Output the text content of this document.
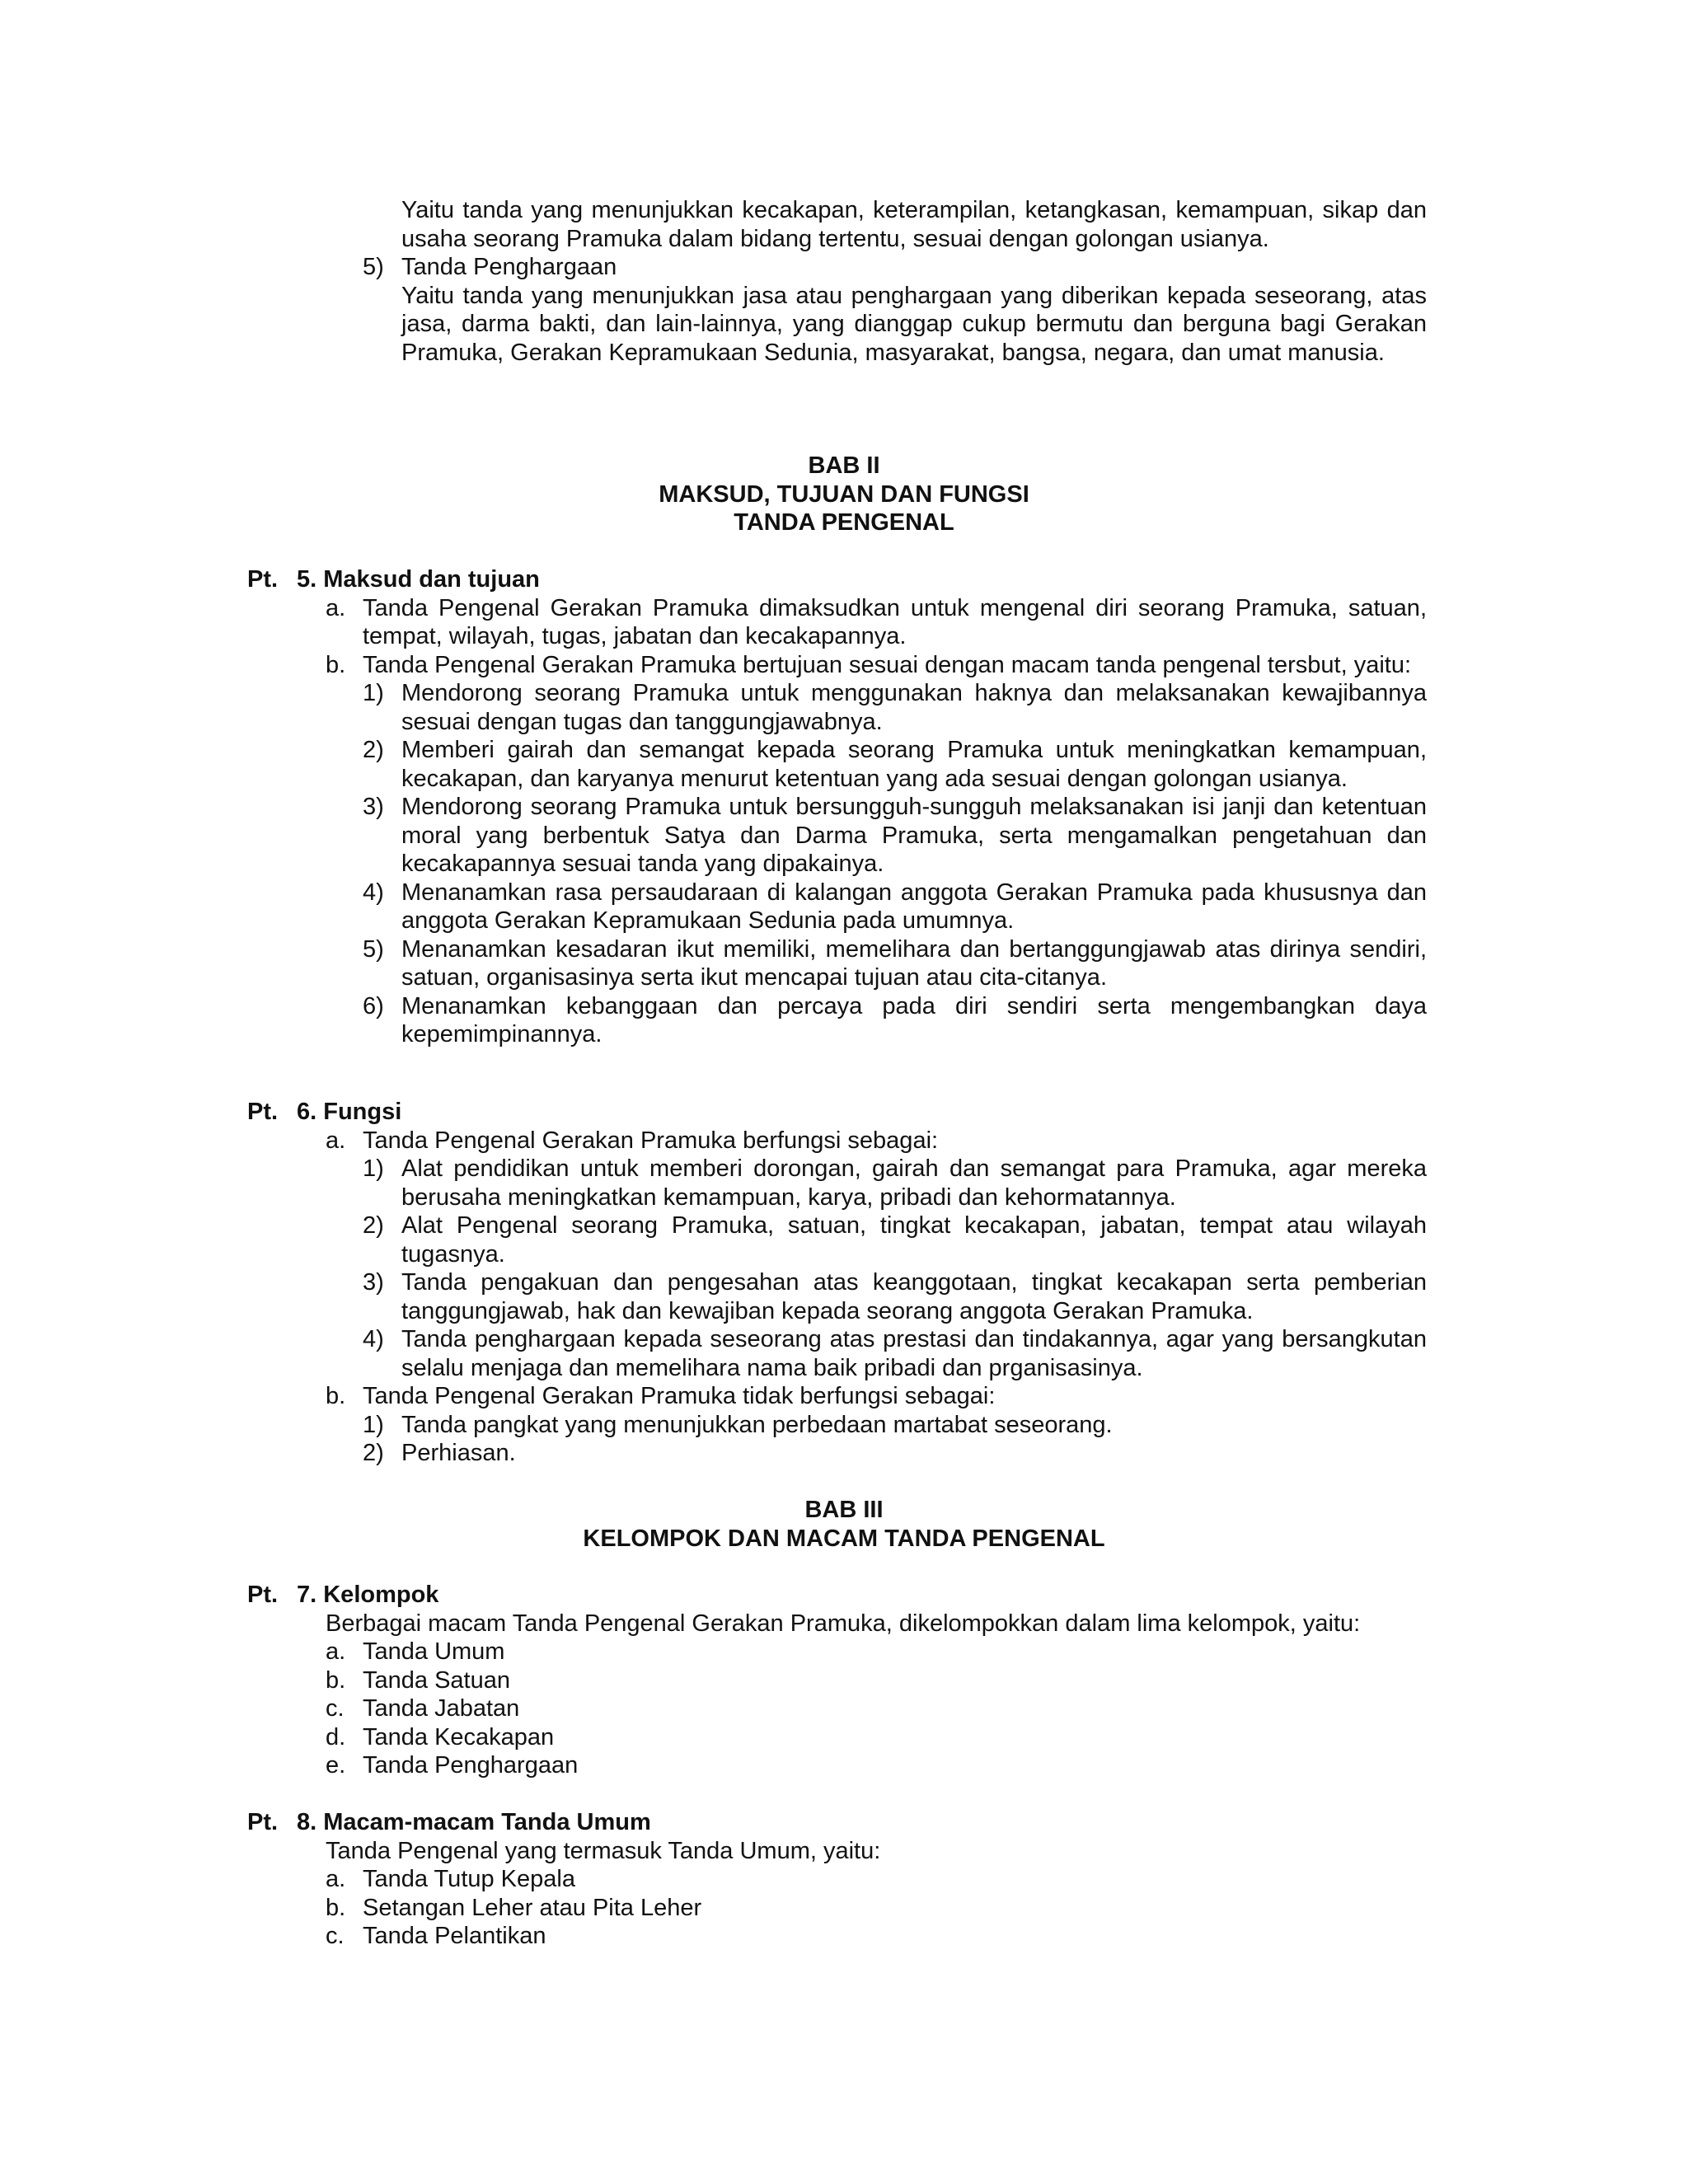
Yaitu tanda yang menunjukkan kecakapan, keterampilan, ketangkasan, kemampuan, sikap dan usaha seorang Pramuka dalam bidang tertentu, sesuai dengan golongan usianya.

5) Tanda Penghargaan

Yaitu tanda yang menunjukkan jasa atau penghargaan yang diberikan kepada seseorang, atas jasa, darma bakti, dan lain-lainnya, yang dianggap cukup bermutu dan berguna bagi Gerakan Pramuka, Gerakan Kepramukaan Sedunia, masyarakat, bangsa, negara, dan umat manusia.

BAB II

MAKSUD, TUJUAN DAN FUNGSI

TANDA PENGENAL

Pt. 5. Maksud dan tujuan
a. Tanda Pengenal Gerakan Pramuka dimaksudkan untuk mengenal diri seorang Pramuka, satuan, tempat, wilayah, tugas, jabatan dan kecakapannya.
b. Tanda Pengenal Gerakan Pramuka bertujuan sesuai dengan macam tanda pengenal tersbut, yaitu:
1) Mendorong seorang Pramuka untuk menggunakan haknya dan melaksanakan kewajibannya sesuai dengan tugas dan tanggungjawabnya.
2) Memberi gairah dan semangat kepada seorang Pramuka untuk meningkatkan kemampuan, kecakapan, dan karyanya menurut ketentuan yang ada sesuai dengan golongan usianya.
3) Mendorong seorang Pramuka untuk bersungguh-sungguh melaksanakan isi janji dan ketentuan moral yang berbentuk Satya dan Darma Pramuka, serta mengamalkan pengetahuan dan kecakapannya sesuai tanda yang dipakainya.
4) Menanamkan rasa persaudaraan di kalangan anggota Gerakan Pramuka pada khususnya dan anggota Gerakan Kepramukaan Sedunia pada umumnya.
5) Menanamkan kesadaran ikut memiliki, memelihara dan bertanggungjawab atas dirinya sendiri, satuan, organisasinya serta ikut mencapai tujuan atau cita-citanya.
6) Menanamkan kebanggaan dan percaya pada diri sendiri serta mengembangkan daya kepemimpinannya.
Pt. 6. Fungsi
a. Tanda Pengenal Gerakan Pramuka berfungsi sebagai:
1) Alat pendidikan untuk memberi dorongan, gairah dan semangat para Pramuka, agar mereka berusaha meningkatkan kemampuan, karya, pribadi dan kehormatannya.
2) Alat Pengenal seorang Pramuka, satuan, tingkat kecakapan, jabatan, tempat atau wilayah tugasnya.
3) Tanda pengakuan dan pengesahan atas keanggotaan, tingkat kecakapan serta pemberian tanggungjawab, hak dan kewajiban kepada seorang anggota Gerakan Pramuka.
4) Tanda penghargaan kepada seseorang atas prestasi dan tindakannya, agar yang bersangkutan selalu menjaga dan memelihara nama baik pribadi dan prganisasinya.
b. Tanda Pengenal Gerakan Pramuka tidak berfungsi sebagai:
1) Tanda pangkat yang menunjukkan perbedaan martabat seseorang.
2) Perhiasan.

BAB III

KELOMPOK DAN MACAM TANDA PENGENAL

Pt. 7. Kelompok

Berbagai macam Tanda Pengenal Gerakan Pramuka, dikelompokkan dalam lima kelompok, yaitu:

a. Tanda Umum
b. Tanda Satuan
c. Tanda Jabatan
d. Tanda Kecakapan
e. Tanda Penghargaan
Pt. 8. Macam-macam Tanda Umum

Tanda Pengenal yang termasuk Tanda Umum, yaitu:

a. Tanda Tutup Kepala
b. Setangan Leher atau Pita Leher
c. Tanda Pelantikan
